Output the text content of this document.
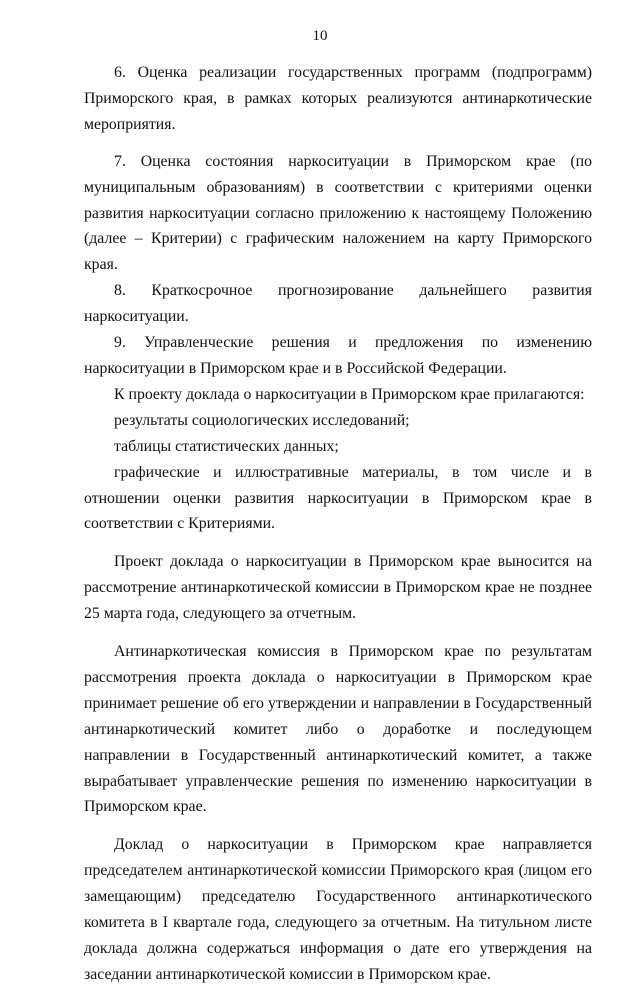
10

6. Оценка реализации государственных программ (подпрограмм) Приморского края, в рамках которых реализуются антинаркотические мероприятия.

7. Оценка состояния наркоситуации в Приморском крае (по муниципальным образованиям) в соответствии с критериями оценки развития наркоситуации согласно приложению к настоящему Положению (далее – Критерии) с графическим наложением на карту Приморского края.

8. Краткосрочное прогнозирование дальнейшего развития наркоситуации.

9. Управленческие решения и предложения по изменению наркоситуации в Приморском крае и в Российской Федерации.

К проекту доклада о наркоситуации в Приморском крае прилагаются:

результаты социологических исследований;

таблицы статистических данных;

графические и иллюстративные материалы, в том числе и в отношении оценки развития наркоситуации в Приморском крае в соответствии с Критериями.

Проект доклада о наркоситуации в Приморском крае выносится на рассмотрение антинаркотической комиссии в Приморском крае не позднее 25 марта года, следующего за отчетным.

Антинаркотическая комиссия в Приморском крае по результатам рассмотрения проекта доклада о наркоситуации в Приморском крае принимает решение об его утверждении и направлении в Государственный антинаркотический комитет либо о доработке и последующем направлении в Государственный антинаркотический комитет, а также вырабатывает управленческие решения по изменению наркоситуации в Приморском крае.

Доклад о наркоситуации в Приморском крае направляется председателем антинаркотической комиссии Приморского края (лицом его замещающим) председателю Государственного антинаркотического комитета в I квартале года, следующего за отчетным. На титульном листе доклада должна содержаться информация о дате его утверждения на заседании антинаркотической комиссии в Приморском крае.
